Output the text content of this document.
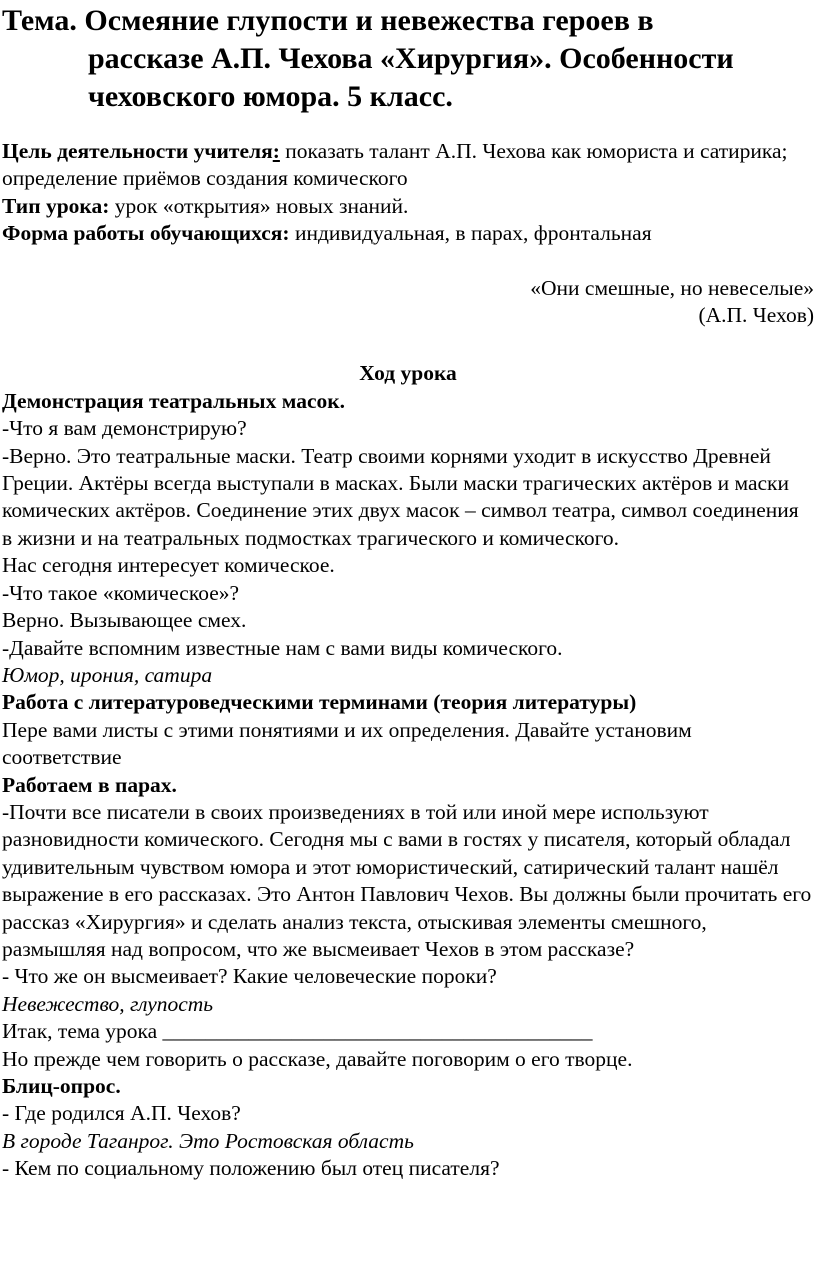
Тема. Осмеяние глупости и невежества героев в
рассказе А.П. Чехова «Хирургия». Особенности
чеховского юмора. 5 класс.

Цель деятельности учителя: показать талант А.П. Чехова как юмориста и сатирика; определение приёмов создания комического

Тип урока: урок «открытия» новых знаний.

Форма работы обучающихся: индивидуальная, в парах, фронтальная

«Они смешные, но невеселые»

(А.П. Чехов)

Ход урока

Демонстрация театральных масок.

-Что я вам демонстрирую?

-Верно. Это театральные маски. Театр своими корнями уходит в искусство Древней Греции. Актёры всегда выступали в масках. Были маски трагических актёров и маски комических актёров. Соединение этих двух масок – символ театра, символ соединения в жизни и на театральных подмостках трагического и комического.

Нас сегодня интересует комическое.

-Что такое «комическое»?

Верно. Вызывающее смех.

-Давайте вспомним известные нам с вами виды комического.

Юмор, ирония, сатира

Работа с литературоведческими терминами (теория литературы)

Пере вами листы с этими понятиями и их определения. Давайте установим соответствие

Работаем в парах.

-Почти все писатели в своих произведениях в той или иной мере используют разновидности комического. Сегодня мы с вами в гостях у писателя, который обладал удивительным чувством юмора и этот юмористический, сатирический талант нашёл выражение в его рассказах. Это Антон Павлович Чехов. Вы должны были прочитать его рассказ «Хирургия» и сделать анализ текста, отыскивая элементы смешного, размышляя над вопросом, что же высмеивает Чехов в этом рассказе?

- Что же он высмеивает? Какие человеческие пороки?

Невежество, глупость

Итак, тема урока ________________________________________

Но прежде чем говорить о рассказе, давайте поговорим о его творце.

Блиц-опрос.

- Где родился А.П. Чехов?

В городе Таганрог. Это Ростовская область

- Кем по социальному положению был отец писателя?
